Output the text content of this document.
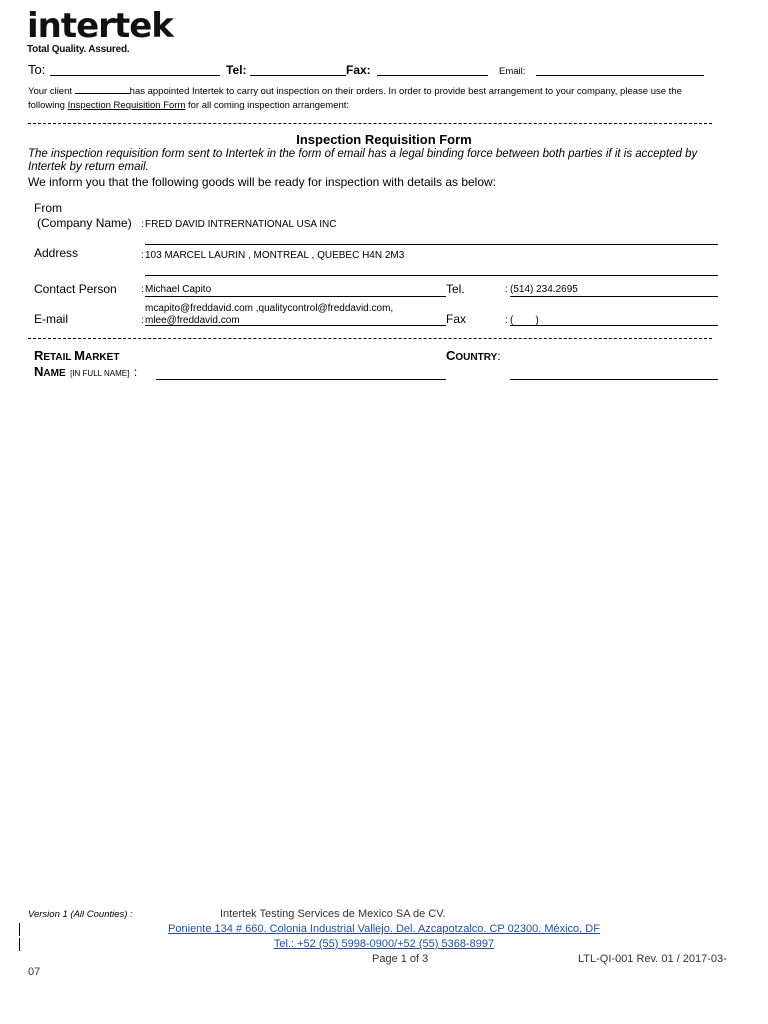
intertek
Total Quality. Assured.
To:	Tel:	Fax:	Email:
Your client	has appointed Intertek to carry out inspection on their orders. In order to provide best arrangement to your company, please use the
following Inspection Requisition Form for all coming inspection arrangement:
Inspection Requisition Form
The inspection requisition form sent to Intertek in the form of email has a legal binding force between both parties if it is accepted by Intertek by return email.
We inform you that the following goods will be ready for inspection with details as below:
From
(Company Name) : FRED DAVID INTRERNATIONAL USA INC
Address	: 103 MARCEL LAURIN , MONTREAL , QUEBEC H4N 2M3
Contact Person : Michael Capito	Tel.	: (514) 234.2695
E-mail
mcapito@freddavid.com ,qualitycontrol@freddavid.com,
: mlee@freddavid.com	Fax	: (        )
RETAIL MARKET
NAME [IN FULL NAME] :
COUNTRY:
Version 1 (All Counties) :	Intertek Testing Services de Mexico SA de CV.
Poniente 134 # 660. Colonia Industrial Vallejo. Del. Azcapotzalco. CP 02300. México, DF
Tel.: +52 (55) 5998-0900/+52 (55) 5368-8997
Page 1 of 3	LTL-QI-001 Rev. 01 / 2017-03-
07
